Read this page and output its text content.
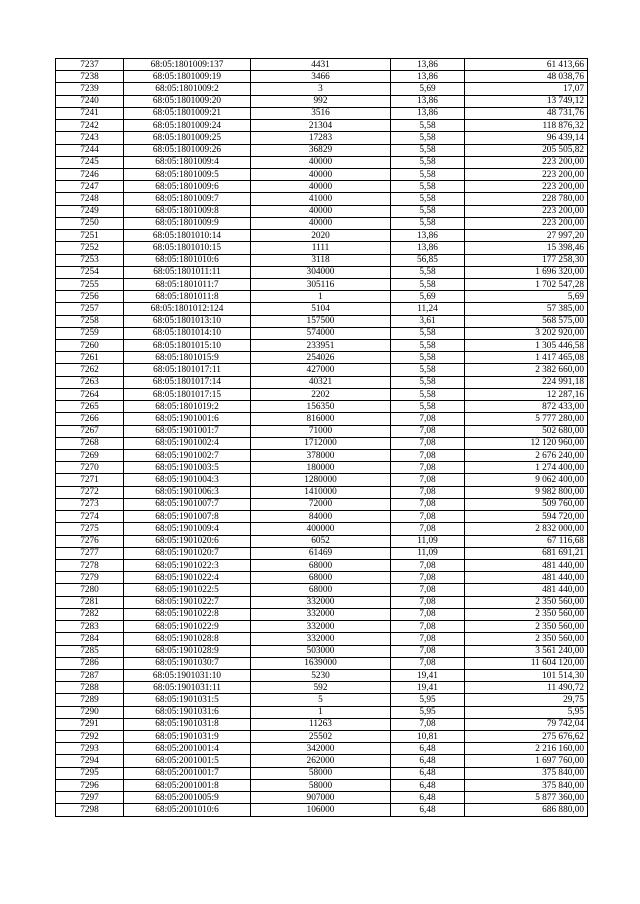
7237	68:05:1801009:137	4431	13,86	61 413,66
7238	68:05:1801009:19	3466	13,86	48 038,76
7239	68:05:1801009:2	3	5,69	17,07
7240	68:05:1801009:20	992	13,86	13 749,12
7241	68:05:1801009:21	3516	13,86	48 731,76
7242	68:05:1801009:24	21304	5,58	118 876,32
7243	68:05:1801009:25	17283	5,58	96 439,14
7244	68:05:1801009:26	36829	5,58	205 505,82
7245	68:05:1801009:4	40000	5,58	223 200,00
7246	68:05:1801009:5	40000	5,58	223 200,00
7247	68:05:1801009:6	40000	5,58	223 200,00
7248	68:05:1801009:7	41000	5,58	228 780,00
7249	68:05:1801009:8	40000	5,58	223 200,00
7250	68:05:1801009:9	40000	5,58	223 200,00
7251	68:05:1801010:14	2020	13,86	27 997,20
7252	68:05:1801010:15	1111	13,86	15 398,46
7253	68:05:1801010:6	3118	56,85	177 258,30
7254	68:05:1801011:11	304000	5,58	1 696 320,00
7255	68:05:1801011:7	305116	5,58	1 702 547,28
7256	68:05:1801011:8	1	5,69	5,69
7257	68:05:1801012:124	5104	11,24	57 385,00
7258	68:05:1801013:10	157500	3,61	568 575,00
7259	68:05:1801014:10	574000	5,58	3 202 920,00
7260	68:05:1801015:10	233951	5,58	1 305 446,58
7261	68:05:1801015:9	254026	5,58	1 417 465,08
7262	68:05:1801017:11	427000	5,58	2 382 660,00
7263	68:05:1801017:14	40321	5,58	224 991,18
7264	68:05:1801017:15	2202	5,58	12 287,16
7265	68:05:1801019:2	156350	5,58	872 433,00
7266	68:05:1901001:6	816000	7,08	5 777 280,00
7267	68:05:1901001:7	71000	7,08	502 680,00
7268	68:05:1901002:4	1712000	7,08	12 120 960,00
7269	68:05:1901002:7	378000	7,08	2 676 240,00
7270	68:05:1901003:5	180000	7,08	1 274 400,00
7271	68:05:1901004:3	1280000	7,08	9 062 400,00
7272	68:05:1901006:3	1410000	7,08	9 982 800,00
7273	68:05:1901007:7	72000	7,08	509 760,00
7274	68:05:1901007:8	84000	7,08	594 720,00
7275	68:05:1901009:4	400000	7,08	2 832 000,00
7276	68:05:1901020:6	6052	11,09	67 116,68
7277	68:05:1901020:7	61469	11,09	681 691,21
7278	68:05:1901022:3	68000	7,08	481 440,00
7279	68:05:1901022:4	68000	7,08	481 440,00
7280	68:05:1901022:5	68000	7,08	481 440,00
7281	68:05:1901022:7	332000	7,08	2 350 560,00
7282	68:05:1901022:8	332000	7,08	2 350 560,00
7283	68:05:1901022:9	332000	7,08	2 350 560,00
7284	68:05:1901028:8	332000	7,08	2 350 560,00
7285	68:05:1901028:9	503000	7,08	3 561 240,00
7286	68:05:1901030:7	1639000	7,08	11 604 120,00
7287	68:05:1901031:10	5230	19,41	101 514,30
7288	68:05:1901031:11	592	19,41	11 490,72
7289	68:05:1901031:5	5	5,95	29,75
7290	68:05:1901031:6	1	5,95	5,95
7291	68:05:1901031:8	11263	7,08	79 742,04
7292	68:05:1901031:9	25502	10,81	275 676,62
7293	68:05:2001001:4	342000	6,48	2 216 160,00
7294	68:05:2001001:5	262000	6,48	1 697 760,00
7295	68:05:2001001:7	58000	6,48	375 840,00
7296	68:05:2001001:8	58000	6,48	375 840,00
7297	68:05:2001005:9	907000	6,48	5 877 360,00
7298	68:05:2001010:6	106000	6,48	686 880,00
